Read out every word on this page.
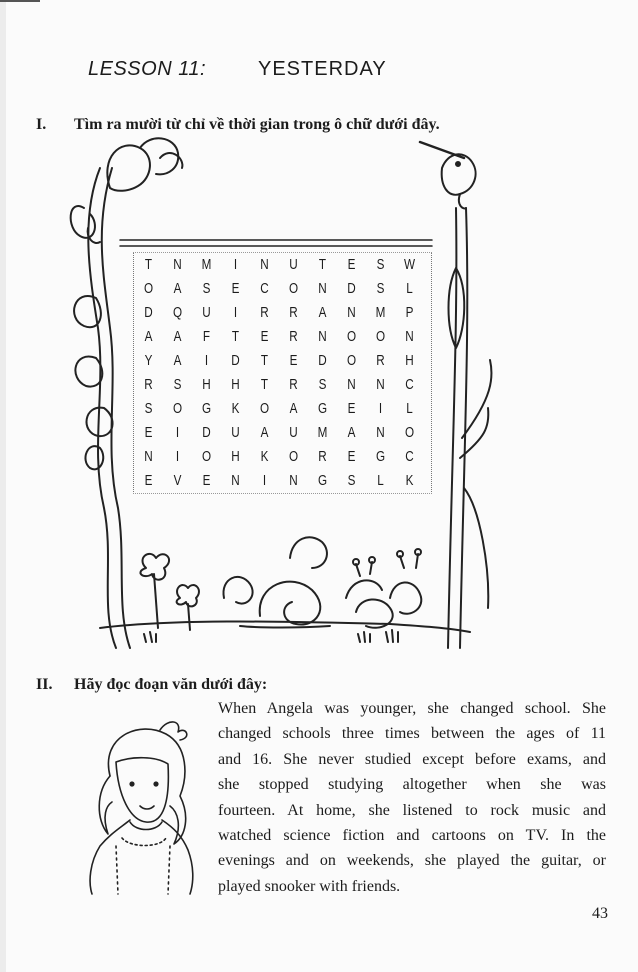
LESSON 11:	YESTERDAY
I. Tìm ra mười từ chỉ về thời gian trong ô chữ dưới đây.
T	N	M	I	N	U	T	E	S	W
O	A	S	E	C	O	N	D	S	L
D	Q	U	I	R	R	A	N	M	P
A	A	F	T	E	R	N	O	O	N
Y	A	I	D	T	E	D	O	R	H
R	S	H	H	T	R	S	N	N	C
S	O	G	K	O	A	G	E	I	L
E	I	D	U	A	U	M	A	N	O
N	I	O	H	K	O	R	E	G	C
E	V	E	N	I	N	G	S	L	K
II. Hãy đọc đoạn văn dưới đây:
When Angela was younger, she changed school. She
changed schools three times between the ages of 11
and 16. She never studied except before exams, and
she stopped studying altogether when she was
fourteen. At home, she listened to rock music and
watched science fiction and cartoons on TV. In the
evenings and on weekends, she played the guitar, or
played snooker with friends.
43
